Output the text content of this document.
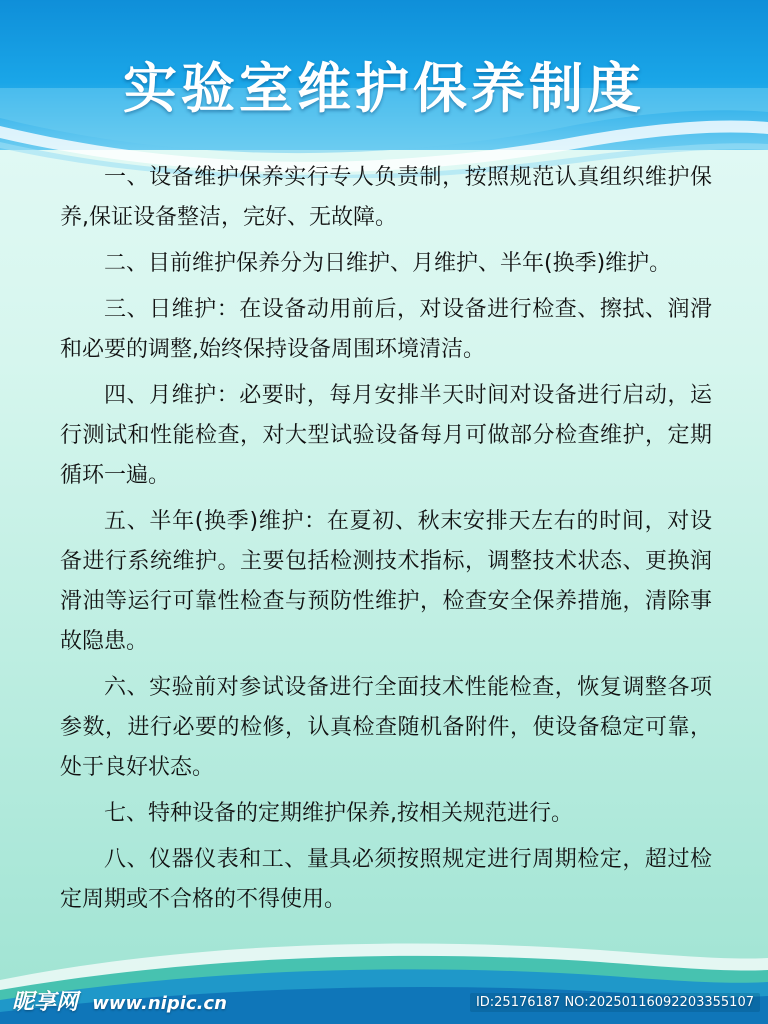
实验室维护保养制度

一、设备维护保养实行专人负责制，按照规范认真组织维护保养,保证设备整洁，完好、无故障。

二、目前维护保养分为日维护、月维护、半年(换季)维护。

三、日维护：在设备动用前后，对设备进行检查、擦拭、润滑和必要的调整,始终保持设备周围环境清洁。

四、月维护：必要时，每月安排半天时间对设备进行启动，运行测试和性能检查，对大型试验设备每月可做部分检查维护，定期循环一遍。

五、半年(换季)维护：在夏初、秋末安排天左右的时间，对设备进行系统维护。主要包括检测技术指标，调整技术状态、更换润滑油等运行可靠性检查与预防性维护，检查安全保养措施，清除事故隐患。

六、实验前对参试设备进行全面技术性能检查，恢复调整各项参数，进行必要的检修，认真检查随机备附件，使设备稳定可靠，处于良好状态。

七、特种设备的定期维护保养,按相关规范进行。

八、仪器仪表和工、量具必须按照规定进行周期检定，超过检定周期或不合格的不得使用。

昵享网 www.nipic.cn	ID:25176187 NO:20250116092203355107
